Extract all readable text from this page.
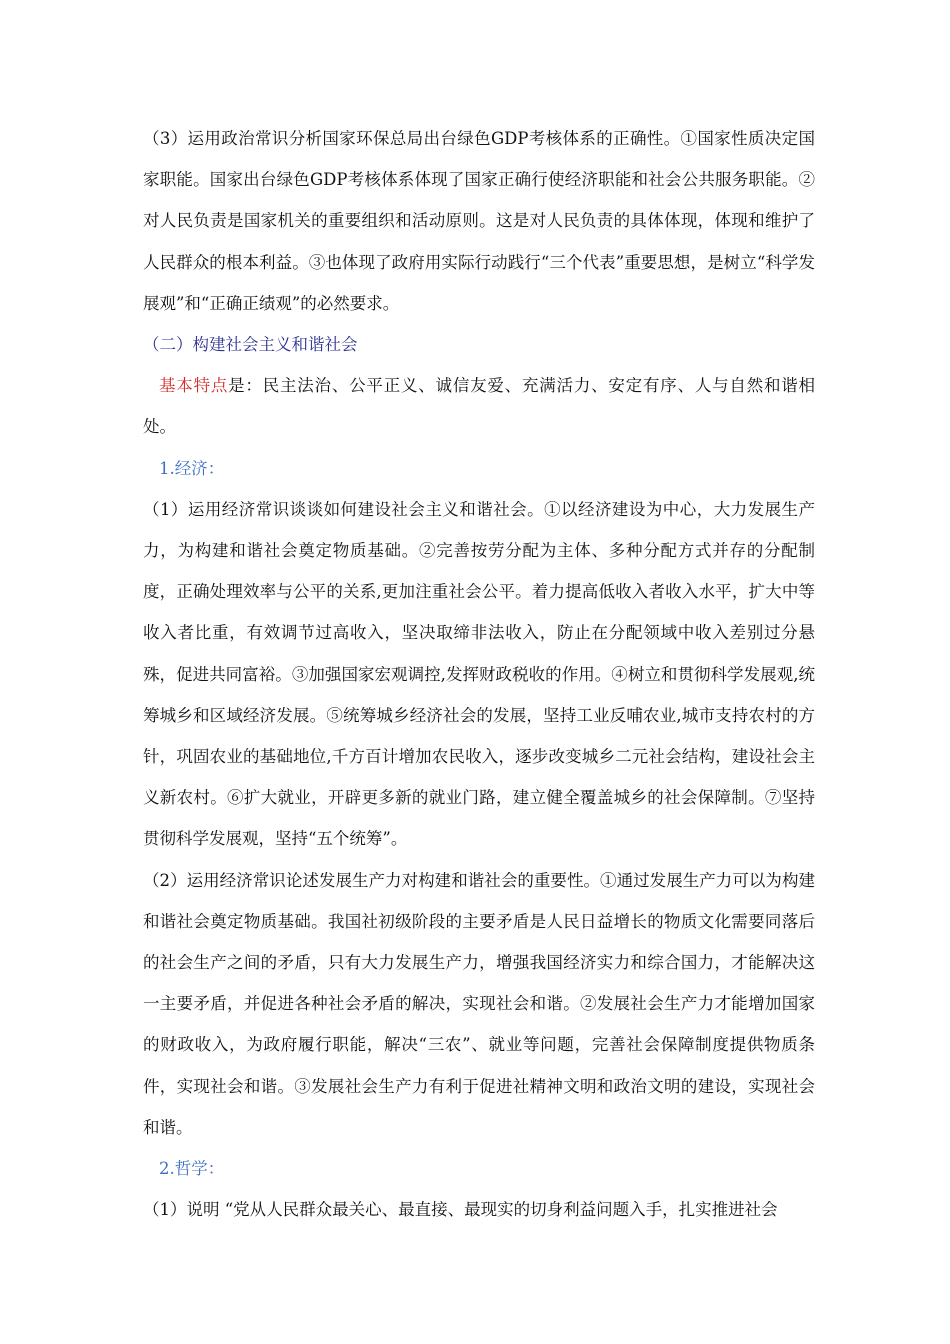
（3）运用政治常识分析国家环保总局出台绿色GDP考核体系的正确性。①国家性质决定国家职能。国家出台绿色GDP考核体系体现了国家正确行使经济职能和社会公共服务职能。②对人民负责是国家机关的重要组织和活动原则。这是对人民负责的具体体现，体现和维护了人民群众的根本利益。③也体现了政府用实际行动践行“三个代表”重要思想，是树立“科学发展观”和“正确正绩观”的必然要求。

（二）构建社会主义和谐社会

基本特点是：民主法治、公平正义、诚信友爱、充满活力、安定有序、人与自然和谐相处。

1.经济：

（1）运用经济常识谈谈如何建设社会主义和谐社会。①以经济建设为中心，大力发展生产力，为构建和谐社会奠定物质基础。②完善按劳分配为主体、多种分配方式并存的分配制度，正确处理效率与公平的关系,更加注重社会公平。着力提高低收入者收入水平，扩大中等收入者比重，有效调节过高收入，坚决取缔非法收入，防止在分配领域中收入差别过分悬殊，促进共同富裕。③加强国家宏观调控,发挥财政税收的作用。④树立和贯彻科学发展观,统筹城乡和区域经济发展。⑤统筹城乡经济社会的发展，坚持工业反哺农业,城市支持农村的方针，巩固农业的基础地位,千方百计增加农民收入，逐步改变城乡二元社会结构，建设社会主义新农村。⑥扩大就业，开辟更多新的就业门路，建立健全覆盖城乡的社会保障制。⑦坚持贯彻科学发展观，坚持“五个统筹”。

（2）运用经济常识论述发展生产力对构建和谐社会的重要性。①通过发展生产力可以为构建和谐社会奠定物质基础。我国社初级阶段的主要矛盾是人民日益增长的物质文化需要同落后的社会生产之间的矛盾，只有大力发展生产力，增强我国经济实力和综合国力，才能解决这一主要矛盾，并促进各种社会矛盾的解决，实现社会和谐。②发展社会生产力才能增加国家的财政收入，为政府履行职能，解决“三农”、就业等问题，完善社会保障制度提供物质条件，实现社会和谐。③发展社会生产力有利于促进社精神文明和政治文明的建设，实现社会和谐。

2.哲学：

（1）说明 “党从人民群众最关心、最直接、最现实的切身利益问题入手，扎实推进社会
